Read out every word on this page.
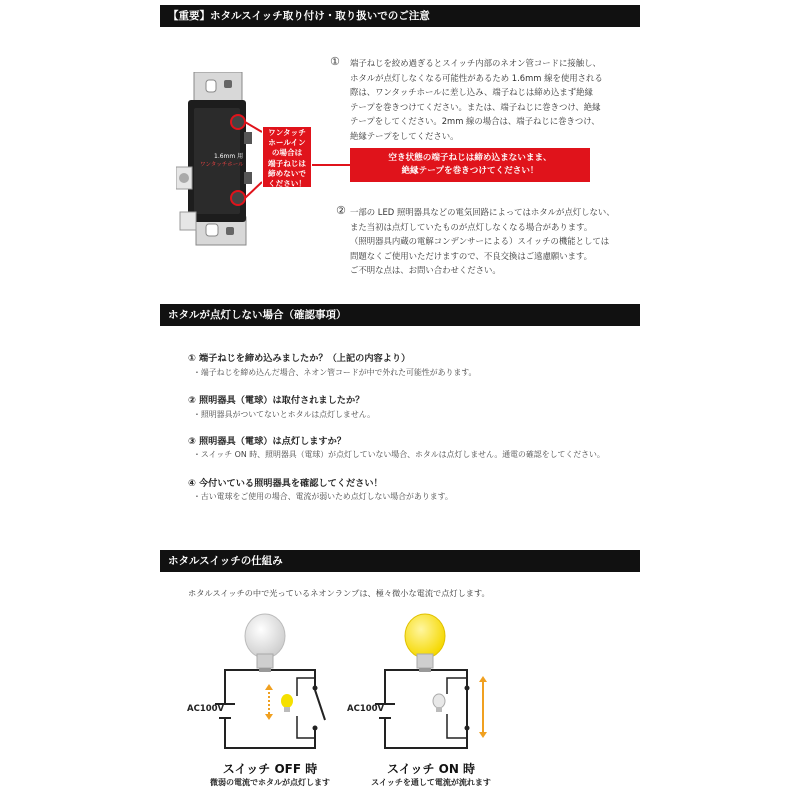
【重要】ホタルスイッチ取り付け・取り扱いでのご注意
1.6mm 用
ワンタッチホール
ワンタッチ
ホールイン
の場合は
端子ねじは
締めないで
ください！
① 端子ねじを絞め過ぎるとスイッチ内部のネオン管コードに接触し、
ホタルが点灯しなくなる可能性があるため 1.6mm 線を使用される
際は、ワンタッチホールに差し込み、端子ねじは締め込まず絶縁
テープを巻きつけてください。または、端子ねじに巻きつけ、絶縁
テープをしてください。2mm 線の場合は、端子ねじに巻きつけ、
絶縁テープをしてください。

空き状態の端子ねじは締め込まないまま、
絶縁テープを巻きつけてください！
② 一部の LED 照明器具などの電気回路によってはホタルが点灯しない、
また当初は点灯していたものが点灯しなくなる場合があります。
（照明器具内蔵の電解コンデンサーによる）スイッチの機能としては
問題なくご使用いただけますので、不良交換はご遠慮願います。
ご不明な点は、お問い合わせください。

ホタルが点灯しない場合（確認事項）
① 端子ねじを締め込みましたか？（上記の内容より）
・端子ねじを締め込んだ場合、ネオン管コードが中で外れた可能性があります。
② 照明器具（電球）は取付されましたか？
・照明器具がついてないとホタルは点灯しません。
③ 照明器具（電球）は点灯しますか？
・スイッチ ON 時、照明器具（電球）が点灯していない場合、ホタルは点灯しません。通電の確認をしてください。
④ 今付いている照明器具を確認してください！
・古い電球をご使用の場合、電流が弱いため点灯しない場合があります。
ホタルスイッチの仕組み
ホタルスイッチの中で光っているネオンランプは、極々微小な電流で点灯します。
AC100V
スイッチ OFF 時
微弱の電流でホタルが点灯します
AC100V
スイッチ ON 時
スイッチを通して電流が流れます
